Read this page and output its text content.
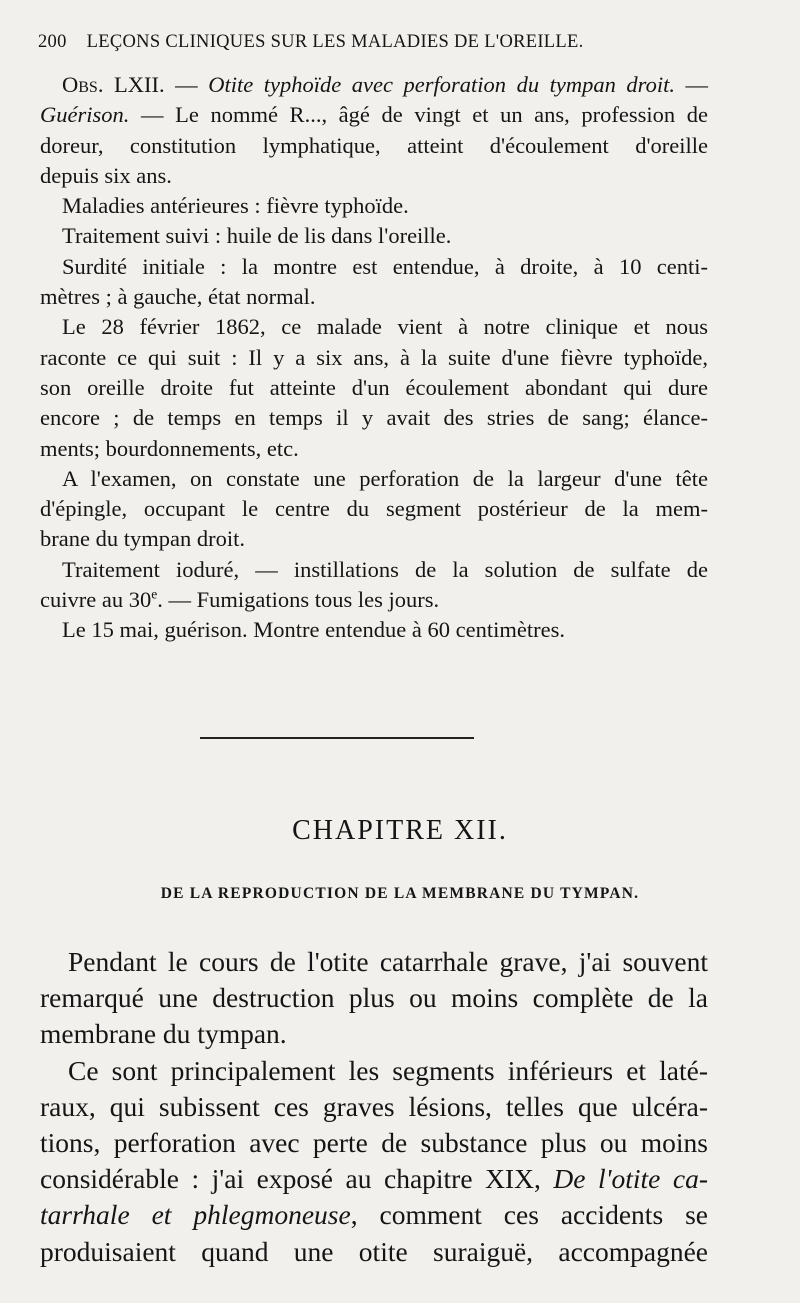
200 LEÇONS CLINIQUES SUR LES MALADIES DE L'OREILLE.
Obs. LXII. — Otite typhoïde avec perforation du tympan droit. —
Guérison. — Le nommé R..., âgé de vingt et un ans, profession de
doreur, constitution lymphatique, atteint d'écoulement d'oreille
depuis six ans.
Maladies antérieures : fièvre typhoïde.
Traitement suivi : huile de lis dans l'oreille.
Surdité initiale : la montre est entendue, à droite, à 10 centi-
mètres ; à gauche, état normal.
Le 28 février 1862, ce malade vient à notre clinique et nous
raconte ce qui suit : Il y a six ans, à la suite d'une fièvre typhoïde,
son oreille droite fut atteinte d'un écoulement abondant qui dure
encore ; de temps en temps il y avait des stries de sang; élance-
ments; bourdonnements, etc.
A l'examen, on constate une perforation de la largeur d'une tête
d'épingle, occupant le centre du segment postérieur de la mem-
brane du tympan droit.
Traitement ioduré, — instillations de la solution de sulfate de
cuivre au 30e. — Fumigations tous les jours.
Le 15 mai, guérison. Montre entendue à 60 centimètres.
CHAPITRE XII.
DE LA REPRODUCTION DE LA MEMBRANE DU TYMPAN.
Pendant le cours de l'otite catarrhale grave, j'ai souvent
remarqué une destruction plus ou moins complète de la
membrane du tympan.
Ce sont principalement les segments inférieurs et laté-
raux, qui subissent ces graves lésions, telles que ulcéra-
tions, perforation avec perte de substance plus ou moins
considérable : j'ai exposé au chapitre XIX, De l'otite ca-
tarrhale et phlegmoneuse, comment ces accidents se
produisaient quand une otite suraiguë, accompagnée
